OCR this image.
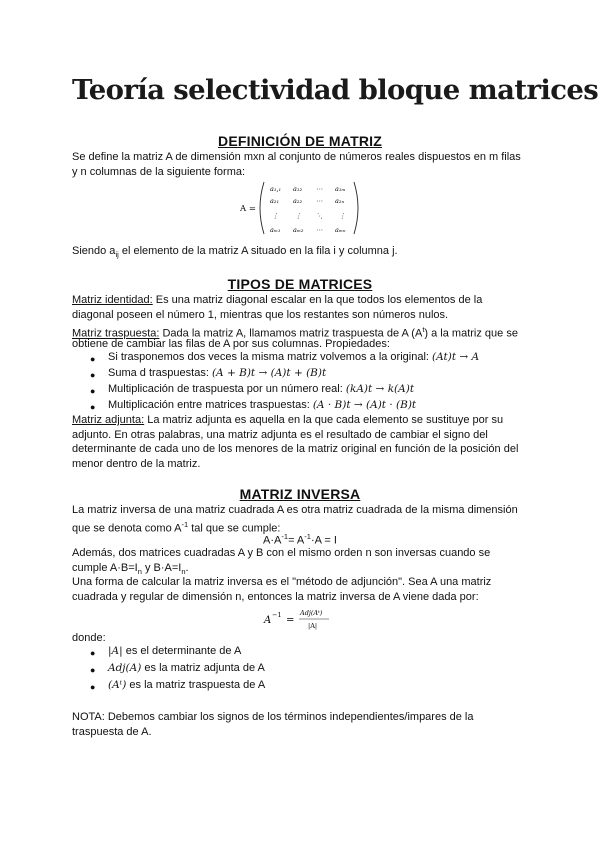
Teoría selectividad bloque matrices
DEFINICIÓN DE MATRIZ
Se define la matriz A de dimensión mxn al conjunto de números reales dispuestos en m filas
y n columnas de la siguiente forma:
A =
a₁,₁ a₁₂ ⋯ a₁ₘ
a₂₁ a₂₂ ⋯ a₂ₙ
⋮	⋮ ⋱	⋮
aₘ₁ aₘ₂ ⋯ aₘₙ
Siendo $a_{ij}$ el elemento de la matriz A situado en la fila i y columna j.
TIPOS DE MATRICES
Matriz identidad: Es una matriz diagonal escalar en la que todos los elementos de la
diagonal poseen el número 1, mientras que los restantes son números nulos.
Matriz traspuesta: Dada la matriz A, llamamos matriz traspuesta de A $(A^t)$ a la matriz que se
obtiene de cambiar las filas de A por sus columnas. Propiedades:
● Si trasponemos dos veces la misma matriz volvemos a la original: (At)t → A
● Suma d traspuestas: (A + B)t → (A)t + (B)t
● Multiplicación de traspuesta por un número real: (kA)t → k(A)t
● Multiplicación entre matrices traspuestas: (A · B)t → (A)t · (B)t
Matriz adjunta: La matriz adjunta es aquella en la que cada elemento se sustituye por su
adjunto. En otras palabras, una matriz adjunta es el resultado de cambiar el signo del
determinante de cada uno de los menores de la matriz original en función de la posición del
menor dentro de la matriz.
MATRIZ INVERSA
La matriz inversa de una matriz cuadrada A es otra matriz cuadrada de la misma dimensión
que se denota como $A^{-1}$ tal que se cumple:
$A\cdot A^{-1}= A^{-1}\cdot A = I$
Además, dos matrices cuadradas A y B con el mismo orden n son inversas cuando se
cumple $A\cdot B=I_n$ y $B\cdot A=I_n$.
Una forma de calcular la matriz inversa es el "método de adjunción". Sea A una matriz
cuadrada y regular de dimensión n, entonces la matriz inversa de A viene dada por:
A −1 =
Adj(Aᵗ)
|A|
donde:
● |A| es el determinante de A
● Adj(A) es la matriz adjunta de A
● (Aᵗ) es la matriz traspuesta de A
NOTA: Debemos cambiar los signos de los términos independientes/impares de la
traspuesta de A.
